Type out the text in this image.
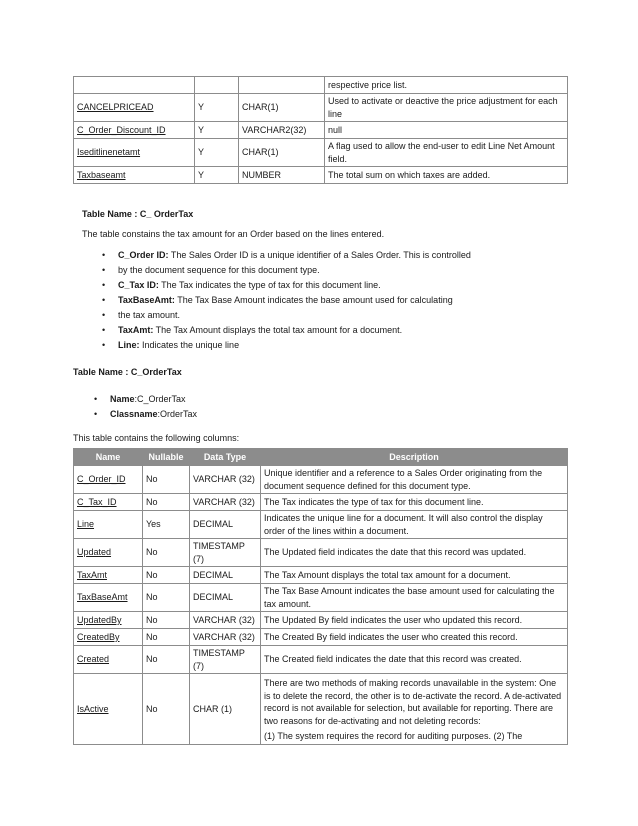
			respective price list.
CANCELPRICEAD	Y	CHAR(1)	Used to activate or deactive the price adjustment for each line
C_Order_Discount_ID	Y	VARCHAR2(32)	null
Iseditlinenetamt	Y	CHAR(1)	A flag used to allow the end-user to edit Line Net Amount field.
Taxbaseamt	Y	NUMBER	The total sum on which taxes are added.
Table Name : C_ OrderTax
The table constains the tax amount for an Order based on the lines entered.
• C_Order ID: The Sales Order ID is a unique identifier of a Sales Order. This is controlled
• by the document sequence for this document type.
• C_Tax ID: The Tax indicates the type of tax for this document line.
• TaxBaseAmt: The Tax Base Amount indicates the base amount used for calculating
• the tax amount.
• TaxAmt: The Tax Amount displays the total tax amount for a document.
• Line: Indicates the unique line
Table Name : C_OrderTax
• Name:C_OrderTax
• Classname:OrderTax
This table contains the following columns:
Name	Nullable	Data Type	Description
C_Order_ID	No	VARCHAR (32)	Unique identifier and a reference to a Sales Order originating from the document sequence defined for this document type.
C_Tax_ID	No	VARCHAR (32)	The Tax indicates the type of tax for this document line.
Line	Yes	DECIMAL	Indicates the unique line for a document. It will also control the display order of the lines within a document.
Updated	No	TIMESTAMP (7)	The Updated field indicates the date that this record was updated.
TaxAmt	No	DECIMAL	The Tax Amount displays the total tax amount for a document.
TaxBaseAmt	No	DECIMAL	The Tax Base Amount indicates the base amount used for calculating the tax amount.
UpdatedBy	No	VARCHAR (32)	The Updated By field indicates the user who updated this record.
CreatedBy	No	VARCHAR (32)	The Created By field indicates the user who created this record.
Created	No	TIMESTAMP (7)	The Created field indicates the date that this record was created.
IsActive	No	CHAR (1)	There are two methods of making records unavailable in the system: One is to delete the record, the other is to de-activate the record. A de-activated record is not available for selection, but available for reporting. There are two reasons for de-activating and not deleting records:
(1) The system requires the record for auditing purposes. (2) The
